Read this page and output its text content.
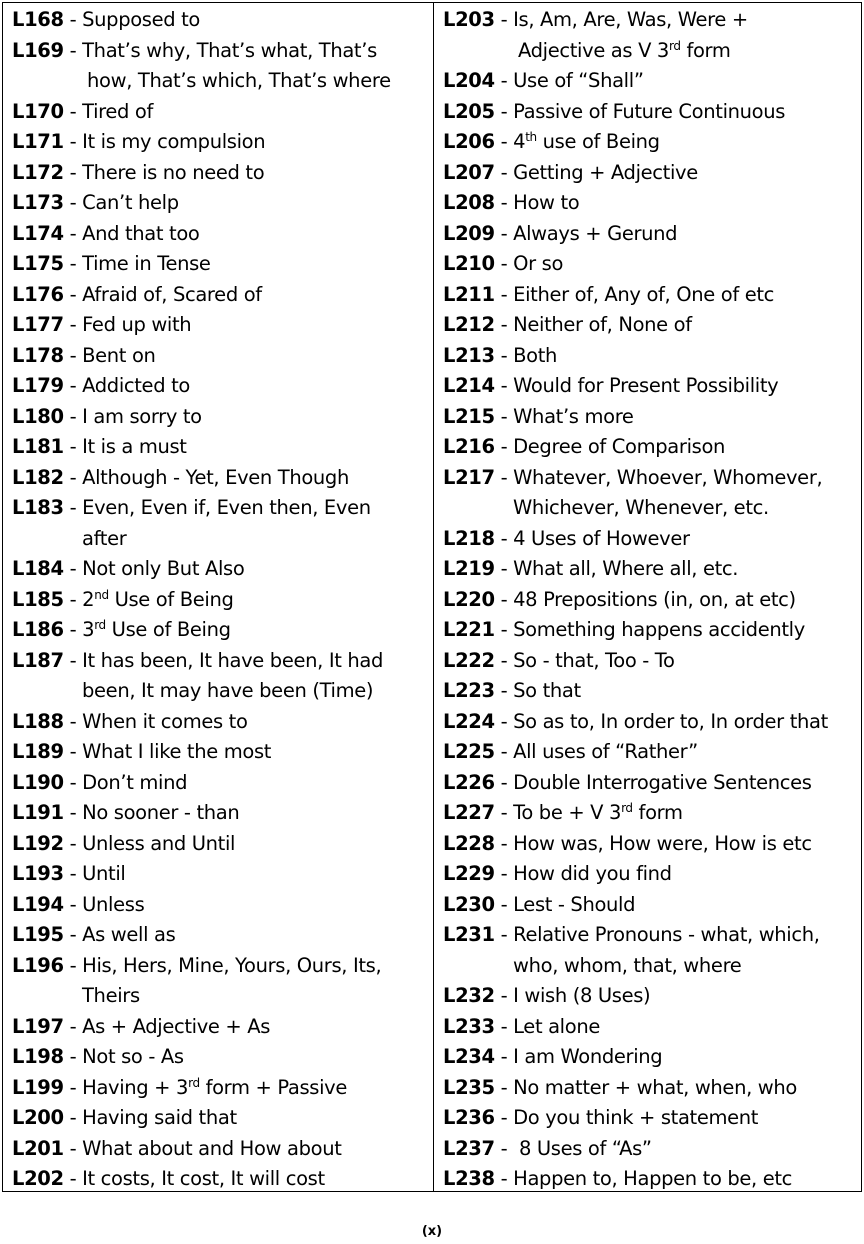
L168 - Supposed to
L169 - That’s why, That’s what, That’s
how, That’s which, That’s where
L170 - Tired of
L171 - It is my compulsion
L172 - There is no need to
L173 - Can’t help
L174 - And that too
L175 - Time in Tense
L176 - Afraid of, Scared of
L177 - Fed up with
L178 - Bent on
L179 - Addicted to
L180 - I am sorry to
L181 - It is a must
L182 - Although - Yet, Even Though
L183 - Even, Even if, Even then, Even
after
L184 - Not only But Also
L185 - 2nd Use of Being
L186 - 3rd Use of Being
L187 - It has been, It have been, It had
been, It may have been (Time)
L188 - When it comes to
L189 - What I like the most
L190 - Don’t mind
L191 - No sooner - than
L192 - Unless and Until
L193 - Until
L194 - Unless
L195 - As well as
L196 - His, Hers, Mine, Yours, Ours, Its,
Theirs
L197 - As + Adjective + As
L198 - Not so - As
L199 - Having + 3rd form + Passive
L200 - Having said that
L201 - What about and How about
L202 - It costs, It cost, It will cost
L203 - Is, Am, Are, Was, Were +
Adjective as V 3rd form
L204 - Use of “Shall”
L205 - Passive of Future Continuous
L206 - 4th use of Being
L207 - Getting + Adjective
L208 - How to
L209 - Always + Gerund
L210 - Or so
L211 - Either of, Any of, One of etc
L212 - Neither of, None of
L213 - Both
L214 - Would for Present Possibility
L215 - What’s more
L216 - Degree of Comparison
L217 - Whatever, Whoever, Whomever,
Whichever, Whenever, etc.
L218 - 4 Uses of However
L219 - What all, Where all, etc.
L220 - 48 Prepositions (in, on, at etc)
L221 - Something happens accidently
L222 - So - that, Too - To
L223 - So that
L224 - So as to, In order to, In order that
L225 - All uses of “Rather”
L226 - Double Interrogative Sentences
L227 - To be + V 3rd form
L228 - How was, How were, How is etc
L229 - How did you find
L230 - Lest - Should
L231 - Relative Pronouns - what, which,
who, whom, that, where
L232 - I wish (8 Uses)
L233 - Let alone
L234 - I am Wondering
L235 - No matter + what, when, who
L236 - Do you think + statement
L237 -  8 Uses of “As”
L238 - Happen to, Happen to be, etc
(x)
